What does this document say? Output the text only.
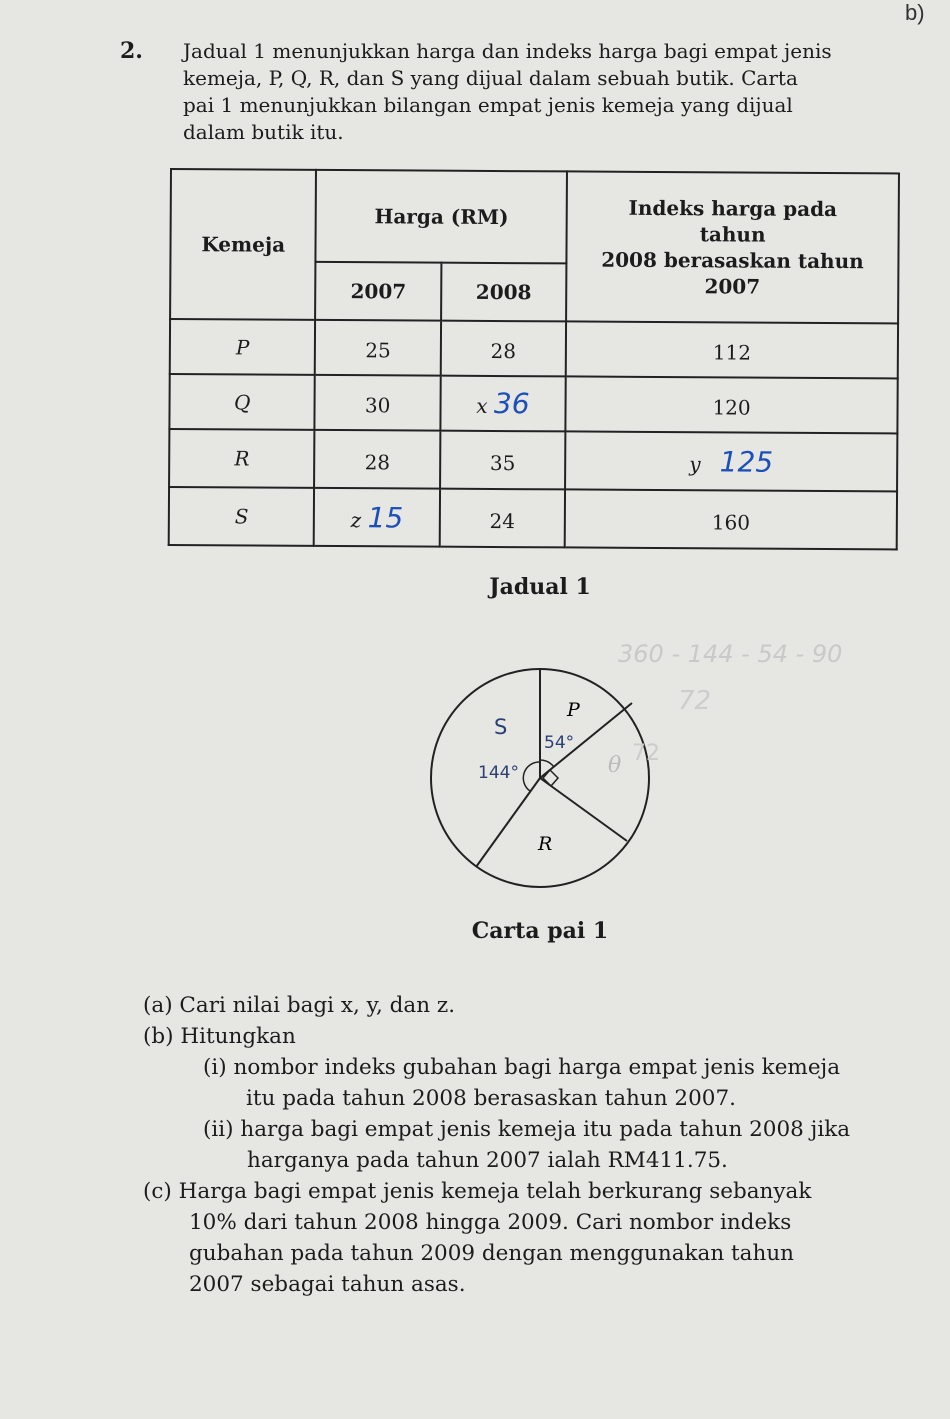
b)
2. Jadual 1 menunjukkan harga dan indeks harga bagi empat jenis
kemeja, P, Q, R, dan S yang dijual dalam sebuah butik. Carta
pai 1 menunjukkan bilangan empat jenis kemeja yang dijual
dalam butik itu.
Kemeja	Harga (RM)		Indeks harga pada
tahun
2008 berasaskan tahun
2007

	2007	2008	
P	25	28	112
Q	30	x 36	120
R	28	35	y 125
S	z 15	24	160
Jadual 1
360 - 144 - 54 - 90
72
P
S
54°
144°	θ 72
R
Carta pai 1
(a) Cari nilai bagi x, y, dan z.
(b) Hitungkan
(i) nombor indeks gubahan bagi harga empat jenis kemeja
itu pada tahun 2008 berasaskan tahun 2007.
(ii) harga bagi empat jenis kemeja itu pada tahun 2008 jika
harganya pada tahun 2007 ialah RM411.75.
(c) Harga bagi empat jenis kemeja telah berkurang sebanyak
10% dari tahun 2008 hingga 2009. Cari nombor indeks
gubahan pada tahun 2009 dengan menggunakan tahun
2007 sebagai tahun asas.
